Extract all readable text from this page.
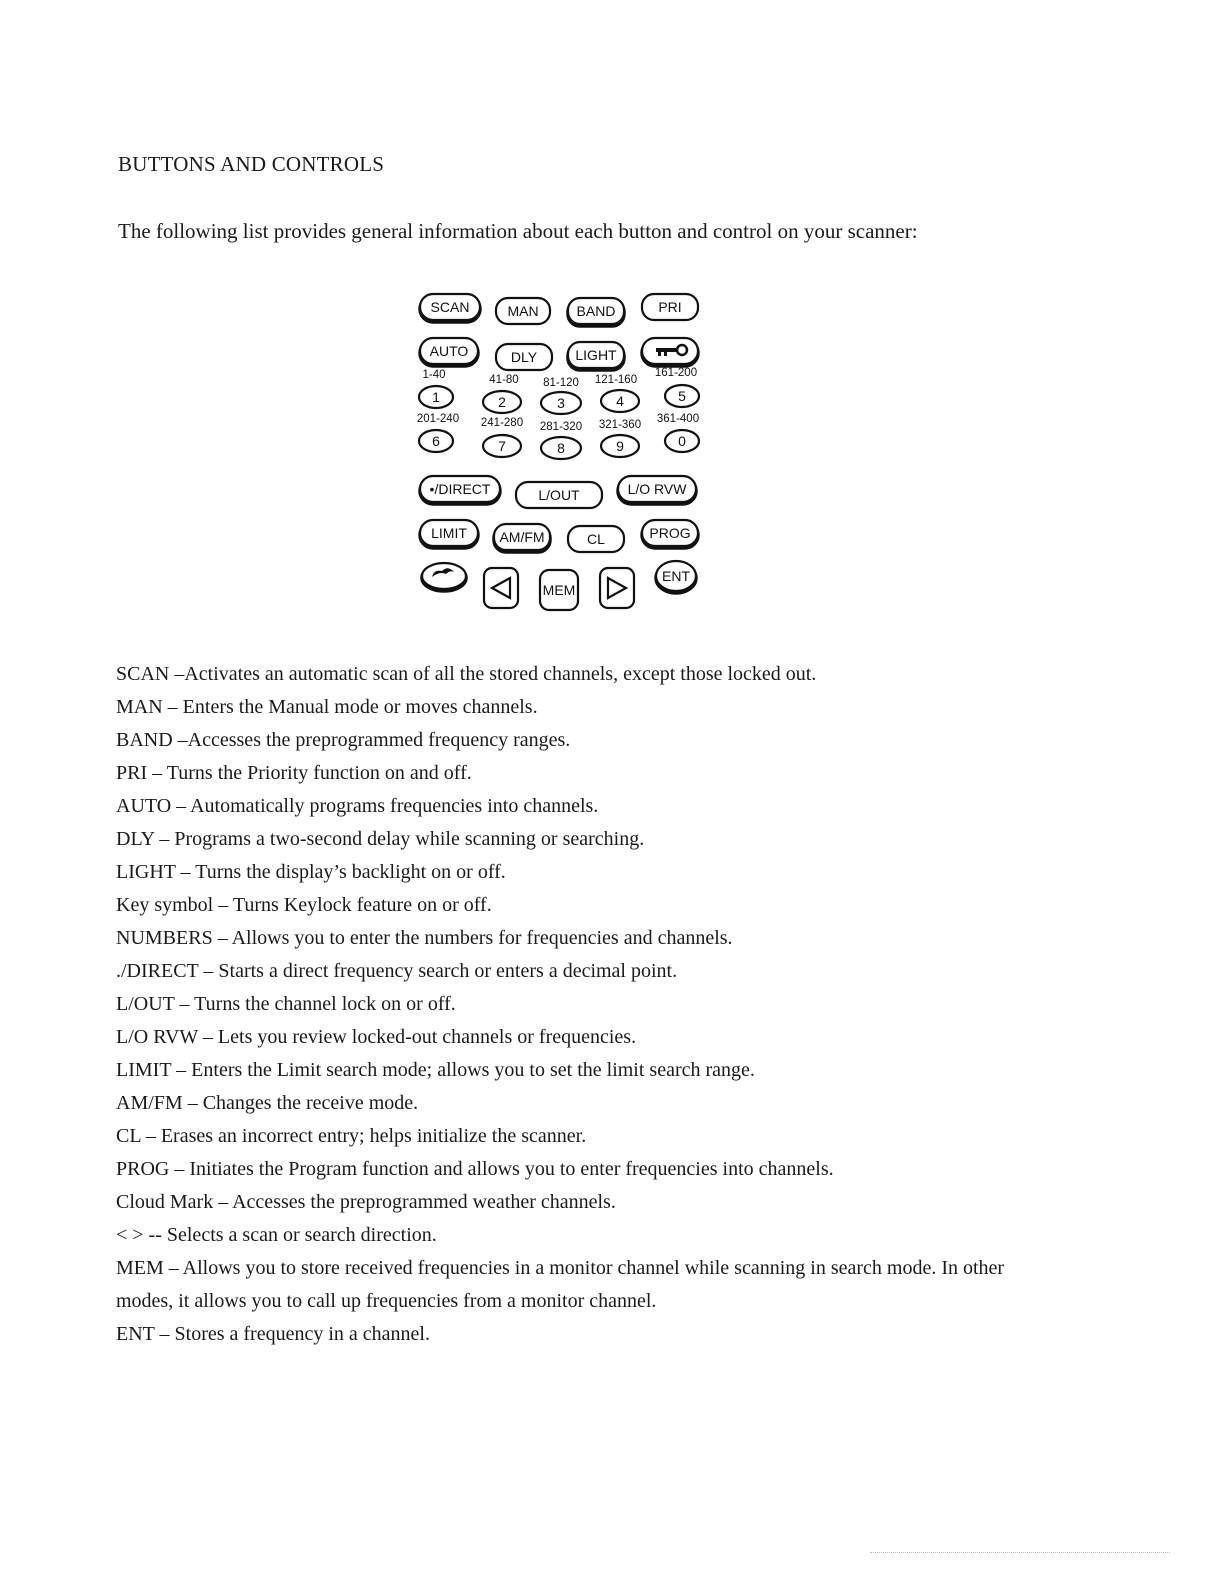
BUTTONS AND CONTROLS
The following list provides general information about each button and control on your scanner:
SCAN	MAN	BAND	PRI
AUTO	DLY	LIGHT
1-40	41-80 81-120 121-160
161-200
1	2	3	4	5
201-240 241-280 281-320 321-360 361-400
6	7	8	9	0
•/DIRECT	L/OUT	L/O RVW
LIMIT AM/FM	CL	PROG
MEM
ENT
SCAN –Activates an automatic scan of all the stored channels, except those locked out.
MAN – Enters the Manual mode or moves channels.
BAND –Accesses the preprogrammed frequency ranges.
PRI – Turns the Priority function on and off.
AUTO – Automatically programs frequencies into channels.
DLY – Programs a two-second delay while scanning or searching.
LIGHT – Turns the display’s backlight on or off.
Key symbol – Turns Keylock feature on or off.
NUMBERS – Allows you to enter the numbers for frequencies and channels.
./DIRECT – Starts a direct frequency search or enters a decimal point.
L/OUT – Turns the channel lock on or off.
L/O RVW – Lets you review locked-out channels or frequencies.
LIMIT – Enters the Limit search mode; allows you to set the limit search range.
AM/FM – Changes the receive mode.
CL – Erases an incorrect entry; helps initialize the scanner.
PROG – Initiates the Program function and allows you to enter frequencies into channels.
Cloud Mark – Accesses the preprogrammed weather channels.
< > -- Selects a scan or search direction.
MEM – Allows you to store received frequencies in a monitor channel while scanning in search mode. In other modes, it allows you to call up frequencies from a monitor channel.
ENT – Stores a frequency in a channel.
